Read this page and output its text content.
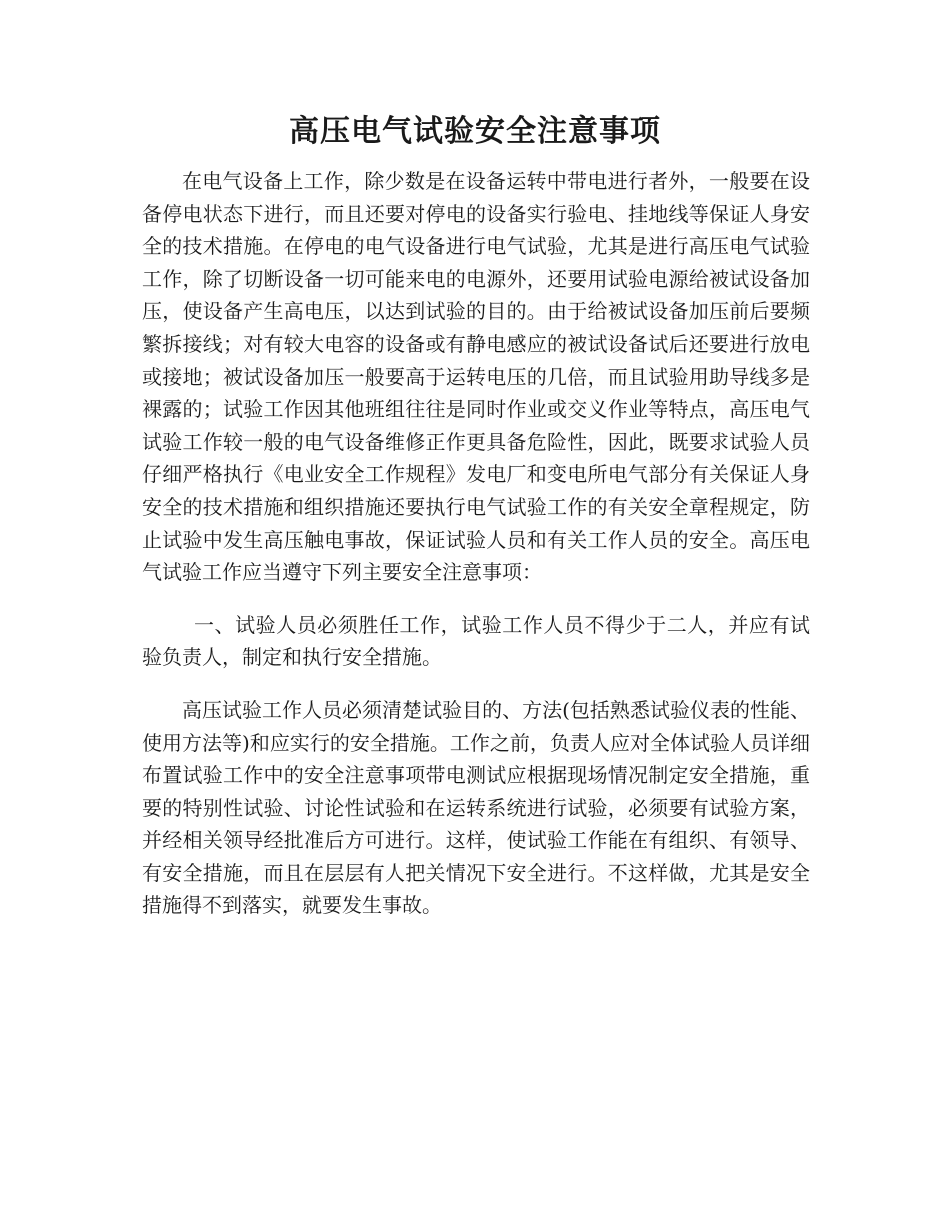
高压电气试验安全注意事项

在电气设备上工作，除少数是在设备运转中带电进行者外，一般要在设备停电状态下进行，而且还要对停电的设备实行验电、挂地线等保证人身安全的技术措施。在停电的电气设备进行电气试验，尤其是进行高压电气试验工作，除了切断设备一切可能来电的电源外，还要用试验电源给被试设备加压，使设备产生高电压，以达到试验的目的。由于给被试设备加压前后要频繁拆接线；对有较大电容的设备或有静电感应的被试设备试后还要进行放电或接地；被试设备加压一般要高于运转电压的几倍，而且试验用助导线多是裸露的；试验工作因其他班组往往是同时作业或交义作业等特点，高压电气试验工作较一般的电气设备维修正作更具备危险性，因此，既要求试验人员仔细严格执行《电业安全工作规程》发电厂和变电所电气部分有关保证人身安全的技术措施和组织措施还要执行电气试验工作的有关安全章程规定，防止试验中发生高压触电事故，保证试验人员和有关工作人员的安全。高压电气试验工作应当遵守下列主要安全注意事项：

一、试验人员必须胜任工作，试验工作人员不得少于二人，并应有试验负责人，制定和执行安全措施。

高压试验工作人员必须清楚试验目的、方法(包括熟悉试验仪表的性能、使用方法等)和应实行的安全措施。工作之前，负责人应对全体试验人员详细布置试验工作中的安全注意事项带电测试应根据现场情况制定安全措施，重要的特别性试验、讨论性试验和在运转系统进行试验，必须要有试验方案，并经相关领导经批准后方可进行。这样，使试验工作能在有组织、有领导、有安全措施，而且在层层有人把关情况下安全进行。不这样做，尤其是安全措施得不到落实，就要发生事故。
